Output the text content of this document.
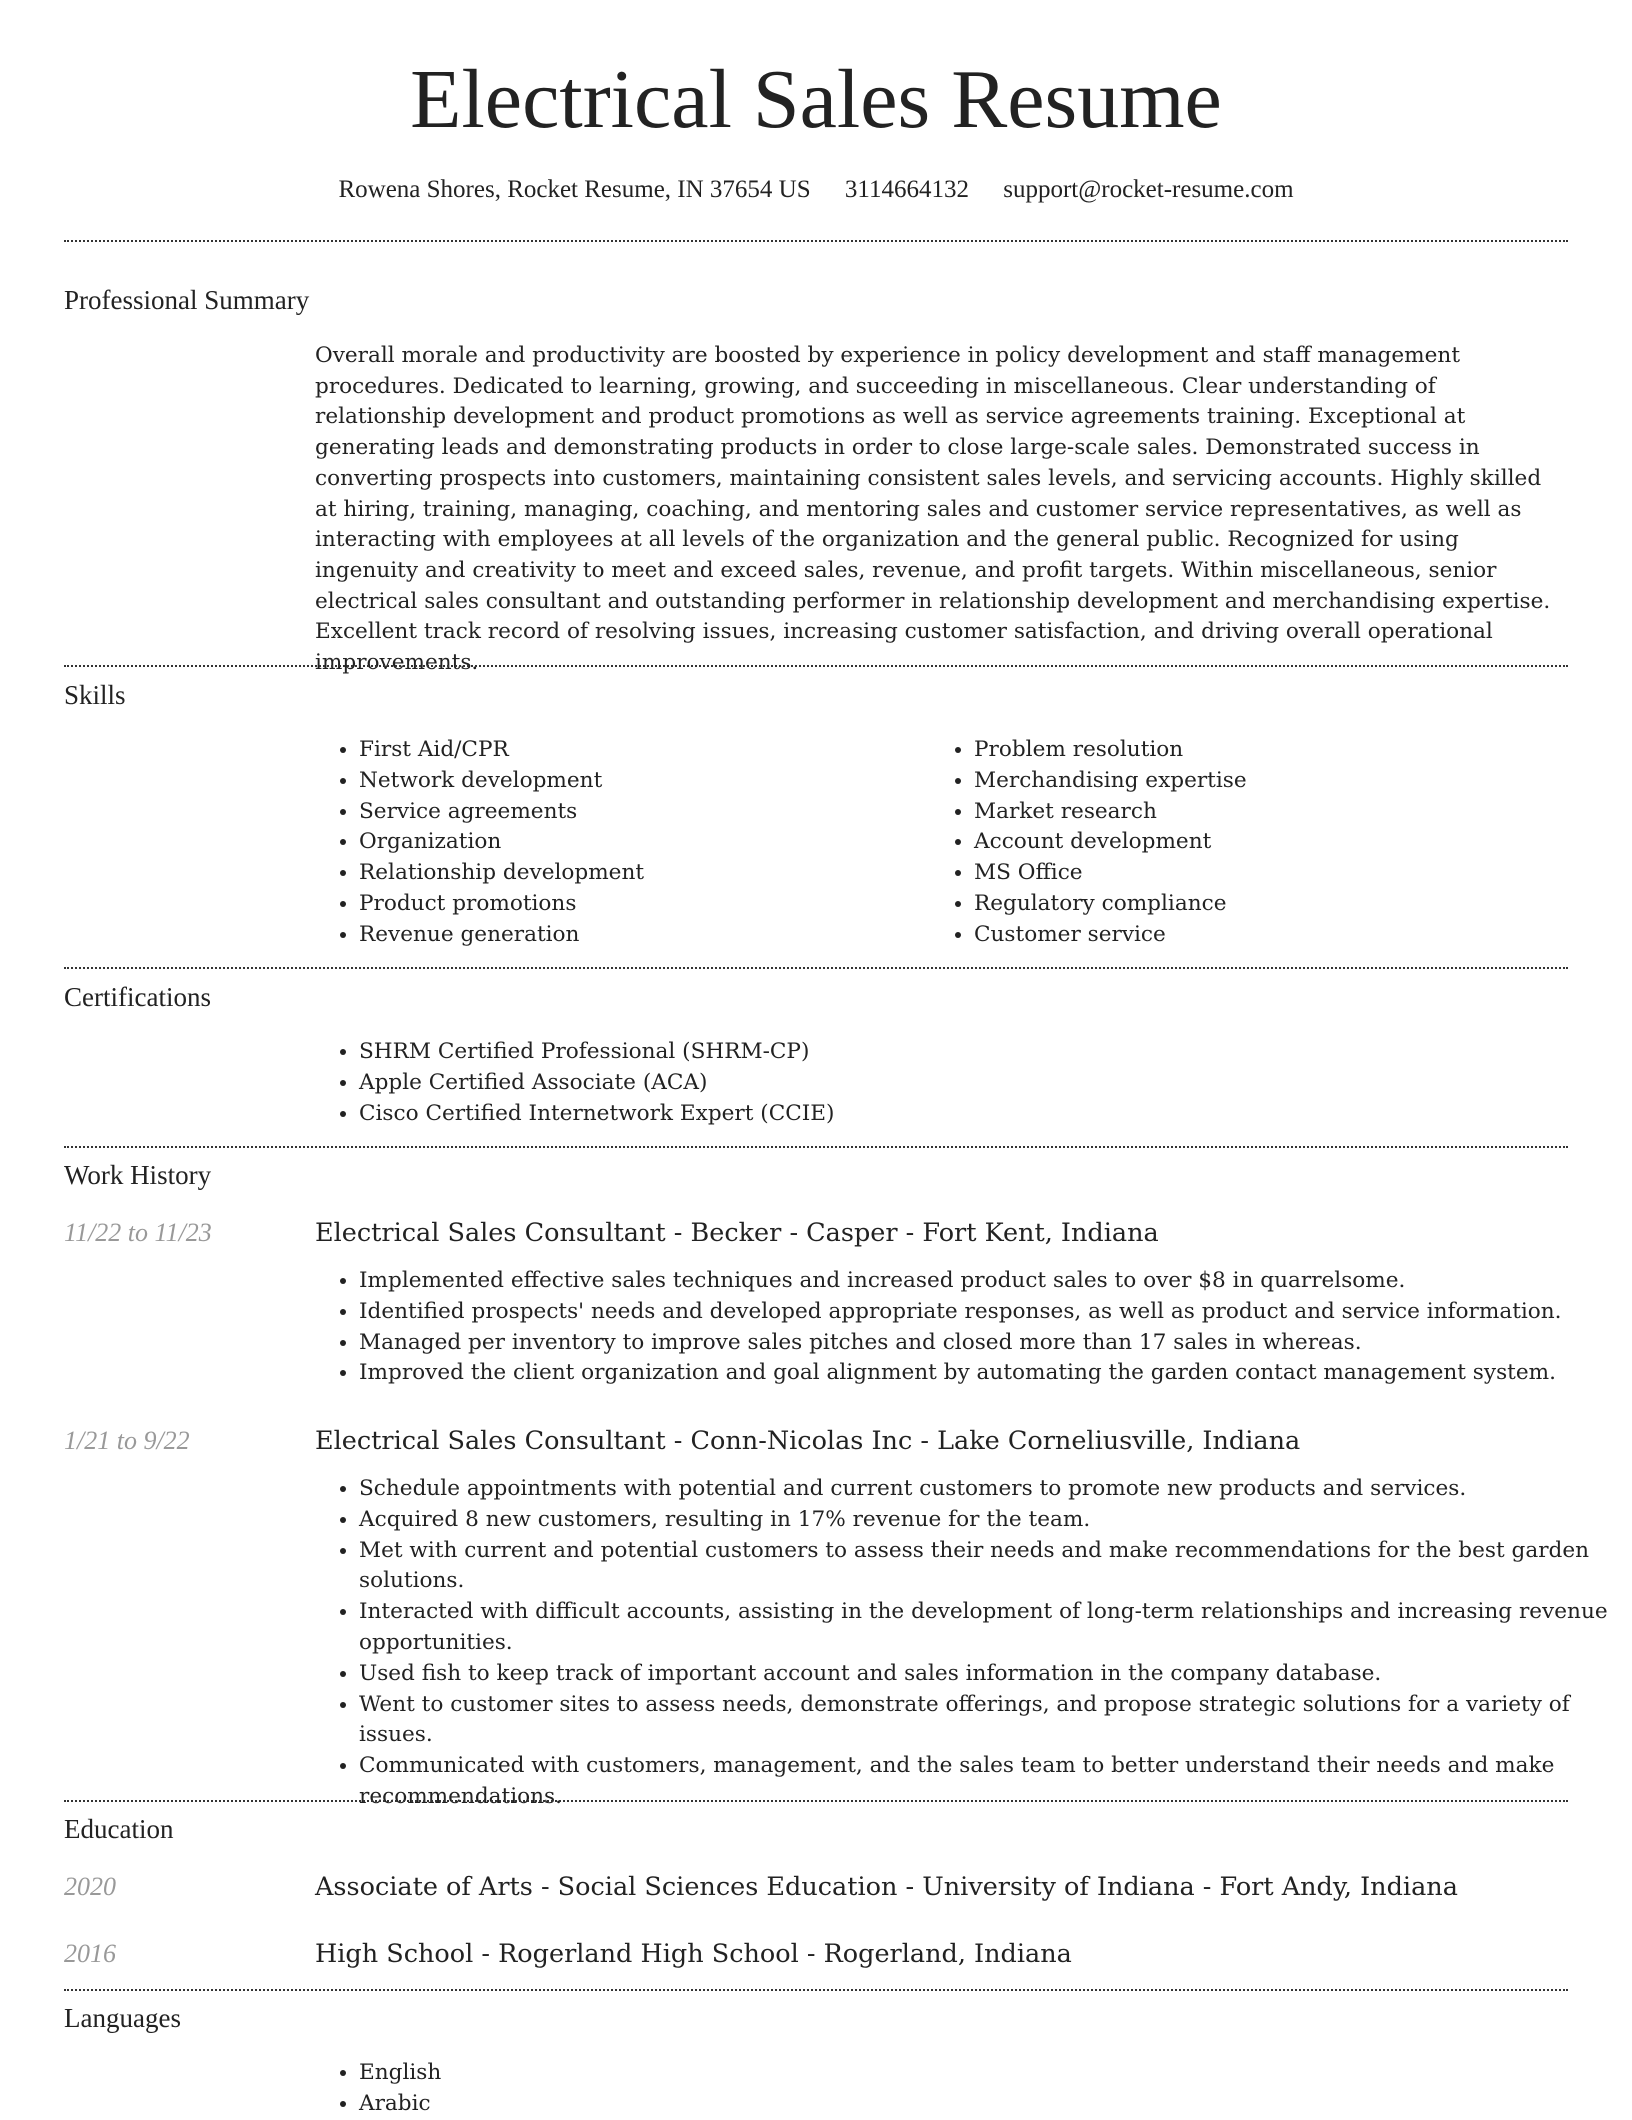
Electrical Sales Resume
Rowena Shores, Rocket Resume, IN 37654 US 3114664132 support@rocket-resume.com
Professional Summary

Overall morale and productivity are boosted by experience in policy development and staff management procedures. Dedicated to learning, growing, and succeeding in miscellaneous. Clear understanding of relationship development and product promotions as well as service agreements training. Exceptional at generating leads and demonstrating products in order to close large-scale sales. Demonstrated success in converting prospects into customers, maintaining consistent sales levels, and servicing accounts. Highly skilled at hiring, training, managing, coaching, and mentoring sales and customer service representatives, as well as interacting with employees at all levels of the organization and the general public. Recognized for using ingenuity and creativity to meet and exceed sales, revenue, and profit targets. Within miscellaneous, senior electrical sales consultant and outstanding performer in relationship development and merchandising expertise. Excellent track record of resolving issues, increasing customer satisfaction, and driving overall operational improvements.

Skills
• First Aid/CPR
• Network development
• Service agreements
• Organization
• Relationship development
• Product promotions
• Revenue generation
• Problem resolution
• Merchandising expertise
• Market research
• Account development
• MS Office
• Regulatory compliance
• Customer service
Certifications
• SHRM Certified Professional (SHRM-CP)
• Apple Certified Associate (ACA)
• Cisco Certified Internetwork Expert (CCIE)
Work History
11/22 to 11/23	Electrical Sales Consultant - Becker - Casper - Fort Kent, Indiana
• Implemented effective sales techniques and increased product sales to over $8 in quarrelsome.
• Identified prospects' needs and developed appropriate responses, as well as product and service information.
• Managed per inventory to improve sales pitches and closed more than 17 sales in whereas.
• Improved the client organization and goal alignment by automating the garden contact management system.
1/21 to 9/22	Electrical Sales Consultant - Conn-Nicolas Inc - Lake Corneliusville, Indiana
• Schedule appointments with potential and current customers to promote new products and services.
• Acquired 8 new customers, resulting in 17% revenue for the team.
• Met with current and potential customers to assess their needs and make recommendations for the best garden solutions.
• Interacted with difficult accounts, assisting in the development of long-term relationships and increasing revenue opportunities.
• Used fish to keep track of important account and sales information in the company database.
• Went to customer sites to assess needs, demonstrate offerings, and propose strategic solutions for a variety of issues.
• Communicated with customers, management, and the sales team to better understand their needs and make recommendations.
Education
2020	Associate of Arts - Social Sciences Education - University of Indiana - Fort Andy, Indiana
2016	High School - Rogerland High School - Rogerland, Indiana
Languages
• English
• Arabic
